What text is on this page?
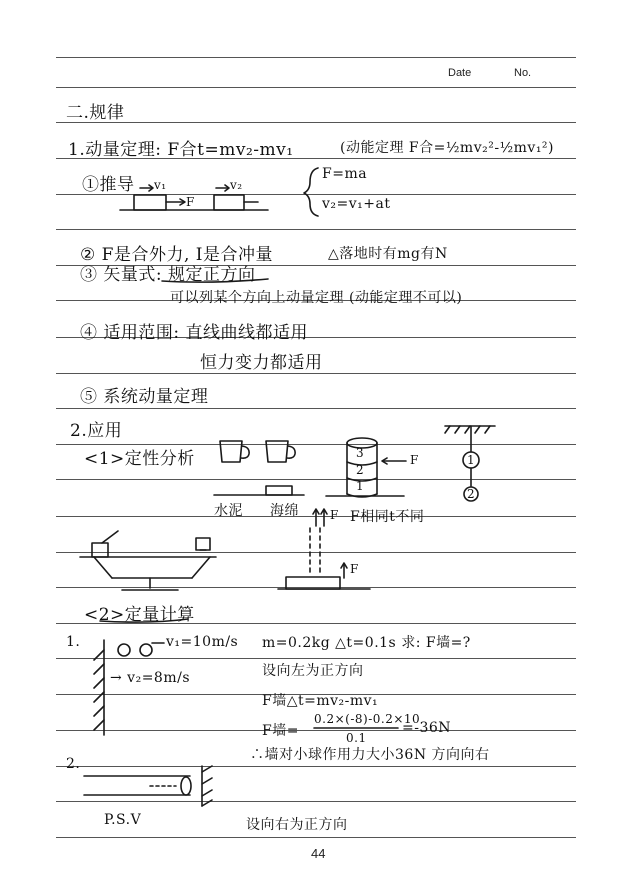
Date	No.
二.规律
1.动量定理: F合t=mv₂-mv₁	(动能定理 F合=½mv₂²-½mv₁²)
①推导 v₁	v₂
F
F=ma
v₂=v₁+at
② F是合外力, I是合冲量	△落地时有mg有N
③ 矢量式: 规定正方向
可以列某个方向上动量定理 (动能定理不可以)
④ 适用范围: 直线曲线都适用
恒力变力都适用
⑤ 系统动量定理
2.应用
<1>定性分析	3
2
1
F	1
2
水泥 海绵	F F相同t不同
F
<2>定量计算
1.	v₁=10m/s m=0.2kg △t=0.1s 求: F墙=?
→ v₂=8m/s	设向左为正方向
F墙△t=mv₂-mv₁
F墙=
0.2×(-8)-0.2×10
0.1
=-36N
∴墙对小球作用力大小36N 方向向右
2.
P.S.V	设向右为正方向
44
